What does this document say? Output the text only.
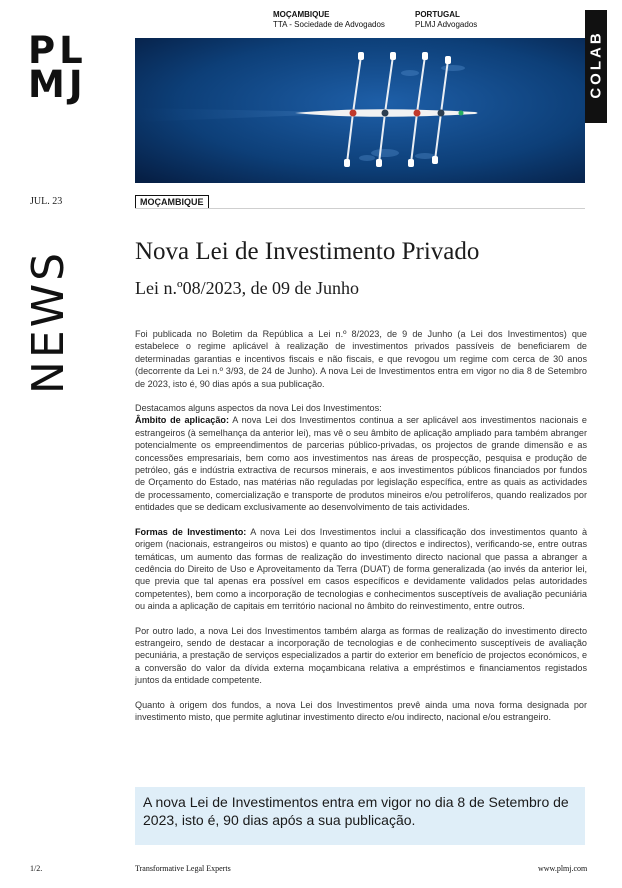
PL
MJ
MOÇAMBIQUE
TTA - Sociedade de Advogados
PORTUGAL
PLMJ Advogados
COLAB
JUL. 23	MOÇAMBIQUE
NEWS Nova Lei de Investimento Privado
Lei n.º08/2023, de 09 de Junho

Foi publicada no Boletim da República a Lei n.º 8/2023, de 9 de Junho (a Lei dos Investimentos) que estabelece o regime aplicável à realização de investimentos privados passíveis de beneficiarem de determinadas garantias e incentivos fiscais e não fiscais, e que revogou um regime com cerca de 30 anos (decorrente da Lei n.º 3/93, de 24 de Junho). A nova Lei de Investimentos entra em vigor no dia 8 de Setembro de 2023, isto é, 90 dias após a sua publicação.

Destacamos alguns aspectos da nova Lei dos Investimentos:

Âmbito de aplicação: A nova Lei dos Investimentos continua a ser aplicável aos investimentos nacionais e estrangeiros (à semelhança da anterior lei), mas vê o seu âmbito de aplicação ampliado para também abranger potencialmente os empreendimentos de parcerias público-privadas, os projectos de grande dimensão e as concessões empresariais, bem como aos investimentos nas áreas de prospecção, pesquisa e produção de petróleo, gás e indústria extractiva de recursos minerais, e aos investimentos públicos financiados por fundos de Orçamento do Estado, nas matérias não reguladas por legislação específica, entre as quais as actividades de processamento, comercialização e transporte de produtos mineiros e/ou petrolíferos, quando realizados por entidades que se dedicam exclusivamente ao desenvolvimento de tais actividades.

Formas de Investimento: A nova Lei dos Investimentos inclui a classificação dos investimentos quanto à origem (nacionais, estrangeiros ou mistos) e quanto ao tipo (directos e indirectos), verificando-se, entre outras temáticas, um aumento das formas de realização do investimento directo nacional que passa a abranger a cedência do Direito de Uso e Aproveitamento da Terra (DUAT) de forma generalizada (ao invés da anterior lei, que previa que tal apenas era possível em casos específicos e devidamente validados pelas autoridades competentes), bem como a incorporação de tecnologias e conhecimentos susceptíveis de avaliação pecuniária ou ainda a aplicação de capitais em território nacional no âmbito do reinvestimento, entre outros.

Por outro lado, a nova Lei dos Investimentos também alarga as formas de realização do investimento directo estrangeiro, sendo de destacar a incorporação de tecnologias e de conhecimento susceptíveis de avaliação pecuniária, a prestação de serviços especializados a partir do exterior em benefício de projectos económicos, e a conversão do valor da dívida externa moçambicana relativa a empréstimos e financiamentos registados juntos da entidade competente.

Quanto à origem dos fundos, a nova Lei dos Investimentos prevê ainda uma nova forma designada por investimento misto, que permite aglutinar investimento directo e/ou indirecto, nacional e/ou estrangeiro.

A nova Lei de Investimentos entra em vigor no dia 8 de Setembro de 2023, isto é, 90 dias após a sua publicação.
1/2.	Transformative Legal Experts	www.plmj.com
